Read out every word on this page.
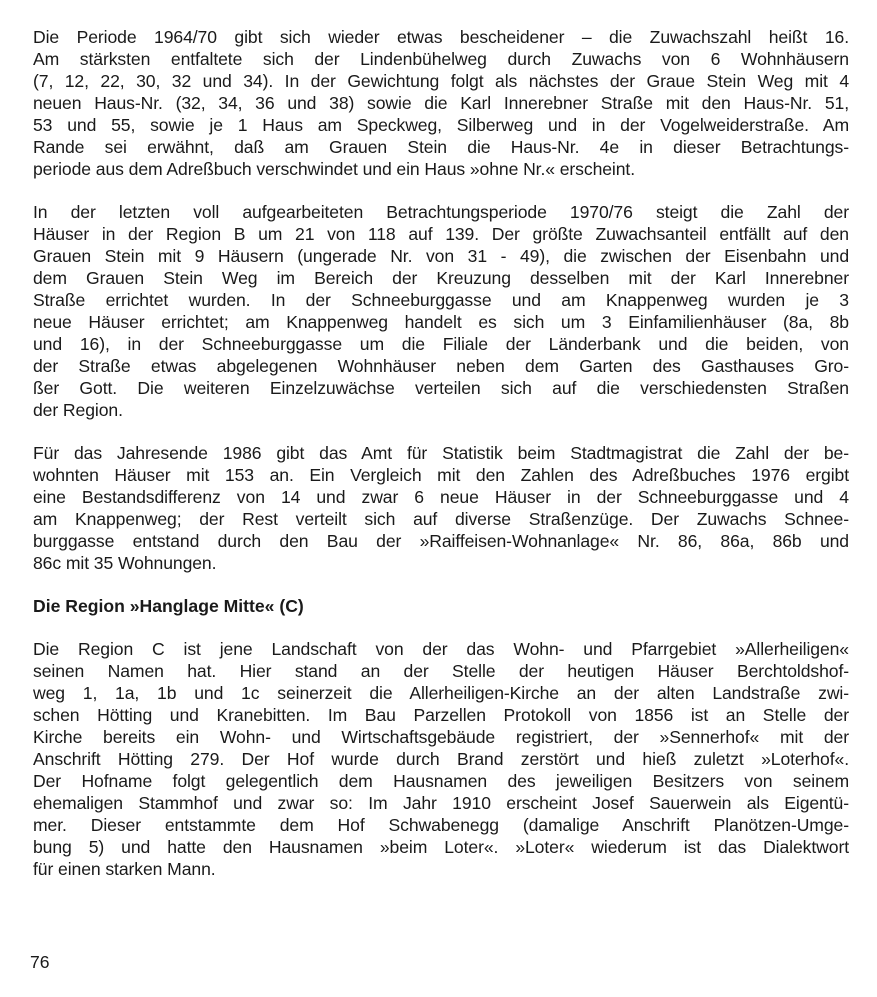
Die Periode 1964/70 gibt sich wieder etwas bescheidener – die Zuwachszahl heißt 16.
Am stärksten entfaltete sich der Lindenbühelweg durch Zuwachs von 6 Wohnhäusern
(7, 12, 22, 30, 32 und 34). In der Gewichtung folgt als nächstes der Graue Stein Weg mit 4
neuen Haus-Nr. (32, 34, 36 und 38) sowie die Karl Innerebner Straße mit den Haus-Nr. 51,
53 und 55, sowie je 1 Haus am Speckweg, Silberweg und in der Vogelweiderstraße. Am
Rande sei erwähnt, daß am Grauen Stein die Haus-Nr. 4e in dieser Betrachtungs-
periode aus dem Adreßbuch verschwindet und ein Haus »ohne Nr.« erscheint.
In der letzten voll aufgearbeiteten Betrachtungsperiode 1970/76 steigt die Zahl der
Häuser in der Region B um 21 von 118 auf 139. Der größte Zuwachsanteil entfällt auf den
Grauen Stein mit 9 Häusern (ungerade Nr. von 31 - 49), die zwischen der Eisenbahn und
dem Grauen Stein Weg im Bereich der Kreuzung desselben mit der Karl Innerebner
Straße errichtet wurden. In der Schneeburggasse und am Knappenweg wurden je 3
neue Häuser errichtet; am Knappenweg handelt es sich um 3 Einfamilienhäuser (8a, 8b
und 16), in der Schneeburggasse um die Filiale der Länderbank und die beiden, von
der Straße etwas abgelegenen Wohnhäuser neben dem Garten des Gasthauses Gro-
ßer Gott. Die weiteren Einzelzuwächse verteilen sich auf die verschiedensten Straßen
der Region.
Für das Jahresende 1986 gibt das Amt für Statistik beim Stadtmagistrat die Zahl der be-
wohnten Häuser mit 153 an. Ein Vergleich mit den Zahlen des Adreßbuches 1976 ergibt
eine Bestandsdifferenz von 14 und zwar 6 neue Häuser in der Schneeburggasse und 4
am Knappenweg; der Rest verteilt sich auf diverse Straßenzüge. Der Zuwachs Schnee-
burggasse entstand durch den Bau der »Raiffeisen-Wohnanlage« Nr. 86, 86a, 86b und
86c mit 35 Wohnungen.
Die Region »Hanglage Mitte« (C)
Die Region C ist jene Landschaft von der das Wohn- und Pfarrgebiet »Allerheiligen«
seinen Namen hat. Hier stand an der Stelle der heutigen Häuser Berchtoldshof-
weg 1, 1a, 1b und 1c seinerzeit die Allerheiligen-Kirche an der alten Landstraße zwi-
schen Hötting und Kranebitten. Im Bau Parzellen Protokoll von 1856 ist an Stelle der
Kirche bereits ein Wohn- und Wirtschaftsgebäude registriert, der »Sennerhof« mit der
Anschrift Hötting 279. Der Hof wurde durch Brand zerstört und hieß zuletzt »Loterhof«.
Der Hofname folgt gelegentlich dem Hausnamen des jeweiligen Besitzers von seinem
ehemaligen Stammhof und zwar so: Im Jahr 1910 erscheint Josef Sauerwein als Eigentü-
mer. Dieser entstammte dem Hof Schwabenegg (damalige Anschrift Planötzen-Umge-
bung 5) und hatte den Hausnamen »beim Loter«. »Loter« wiederum ist das Dialektwort
für einen starken Mann.
76
